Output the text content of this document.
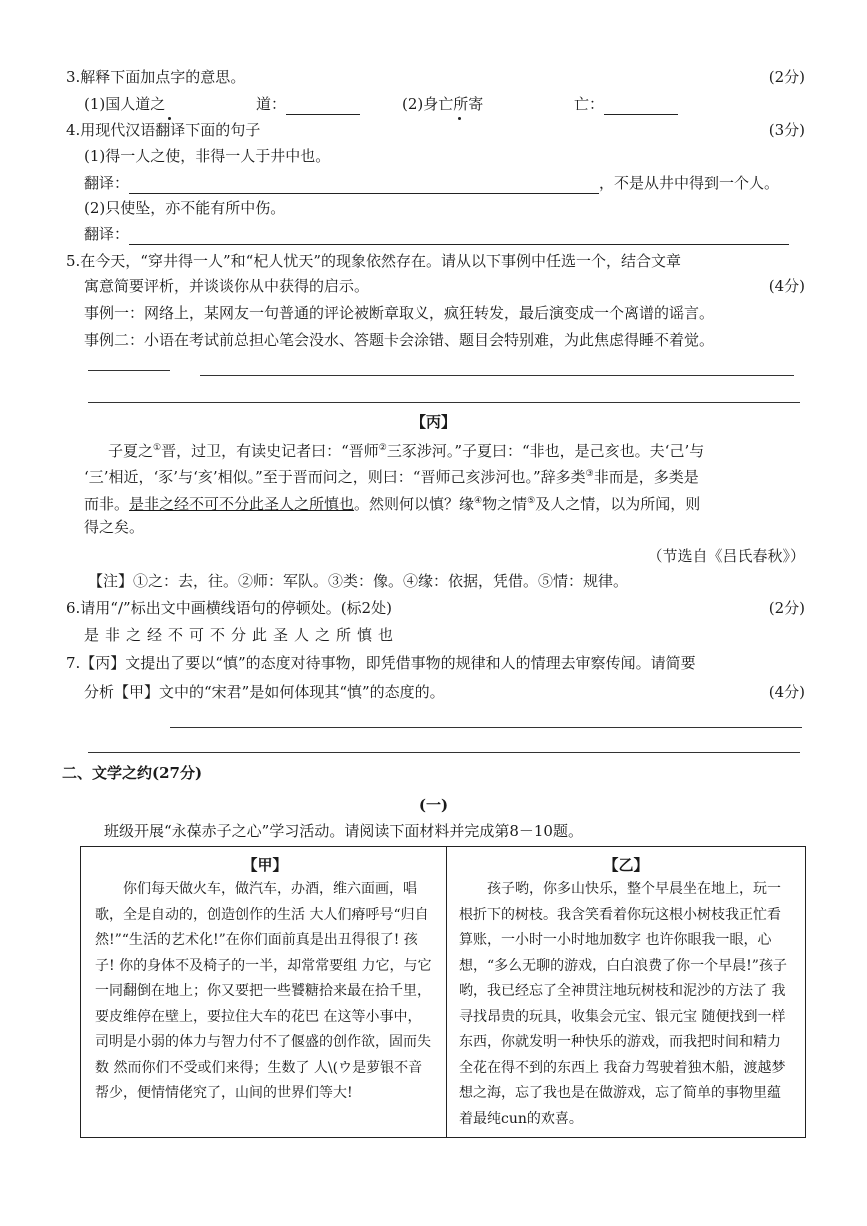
3.解释下面加点字的意思。	(2分)
(1)国人道之	道：	(2)身亡所寄	亡：
4.用现代汉语翻译下面的句子	(3分)
(1)得一人之使，非得一人于井中也。
翻译：	，不是从井中得到一个人。
(2)只使坠，亦不能有所中伤。
翻译：
5.在今天，“穿井得一人”和“杞人忧天”的现象依然存在。请从以下事例中任选一个，结合文章
寓意简要评析，并谈谈你从中获得的启示。	(4分)
事例一：网络上，某网友一句普通的评论被断章取义，疯狂转发，最后演变成一个离谱的谣言。
事例二：小语在考试前总担心笔会没水、答题卡会涂错、题目会特别难，为此焦虑得睡不着觉。
【丙】
子夏之①晋，过卫，有读史记者曰：“晋师②三豕涉河。”子夏曰：“非也，是己亥也。夫‘己’与
‘三’相近，‘豕’与‘亥’相似。”至于晋而问之，则曰：“晋师己亥涉河也。”辞多类③非而是，多类是
而非。是非之经不可不分此圣人之所慎也。然则何以慎？缘④物之情⑤及人之情，以为所闻，则
得之矣。
（节选自《吕氏春秋》）
【注】①之：去，往。②师：军队。③类：像。④缘：依据，凭借。⑤情：规律。
6.请用“/”标出文中画横线语句的停顿处。(标2处)	(2分)
是非之经不可不分此圣人之所慎也
7.【丙】文提出了要以“慎”的态度对待事物，即凭借事物的规律和人的情理去审察传闻。请简要
分析【甲】文中的“宋君”是如何体现其“慎”的态度的。	(4分)
二、文学之约(27分)
(一)
班级开展“永葆赤子之心”学习活动。请阅读下面材料并完成第8－10题。
【甲】
你们每天做火车，做汽车，办酒，维六面画，唱歌，全是自动的，创造创作的生活 大人们瘠呼号“归自然!”“生活的艺术化!”在你们面前真是出丑得很了! 孩子! 你的身体不及椅子的一半，却常常要组 力它，与它一同翻倒在地上；你又要把一些饕糖拾来最在拾千里，要皮维停在壁上，要拉住大车的花巴 在这等小事中，司明是小弱的体力与智力付不了偃盛的创作欲，固而失数 然而你们不受或们来得；生数了 人\(ウ是萝银不音帮少，便情情佬究了，山间的世界们等大!
【乙】
孩子哟，你多山快乐，整个早晨坐在地上，玩一根折下的树枝。我含笑看着你玩这根小树枝我正忙看算账，一小时一小时地加数字 也许你眼我一眼，心想，“多么无聊的游戏，白白浪费了你一个早晨!”孩子哟，我已经忘了全神贯注地玩树枝和泥沙的方法了 我寻找昂贵的玩具，收集会元宝、银元宝 随便找到一样东西，你就发明一种快乐的游戏，而我把时间和精力全花在得不到的东西上 我奋力驾驶着独木船，渡越梦想之海，忘了我也是在做游戏，忘了简单的事物里蕴着最纯cun的欢喜。
